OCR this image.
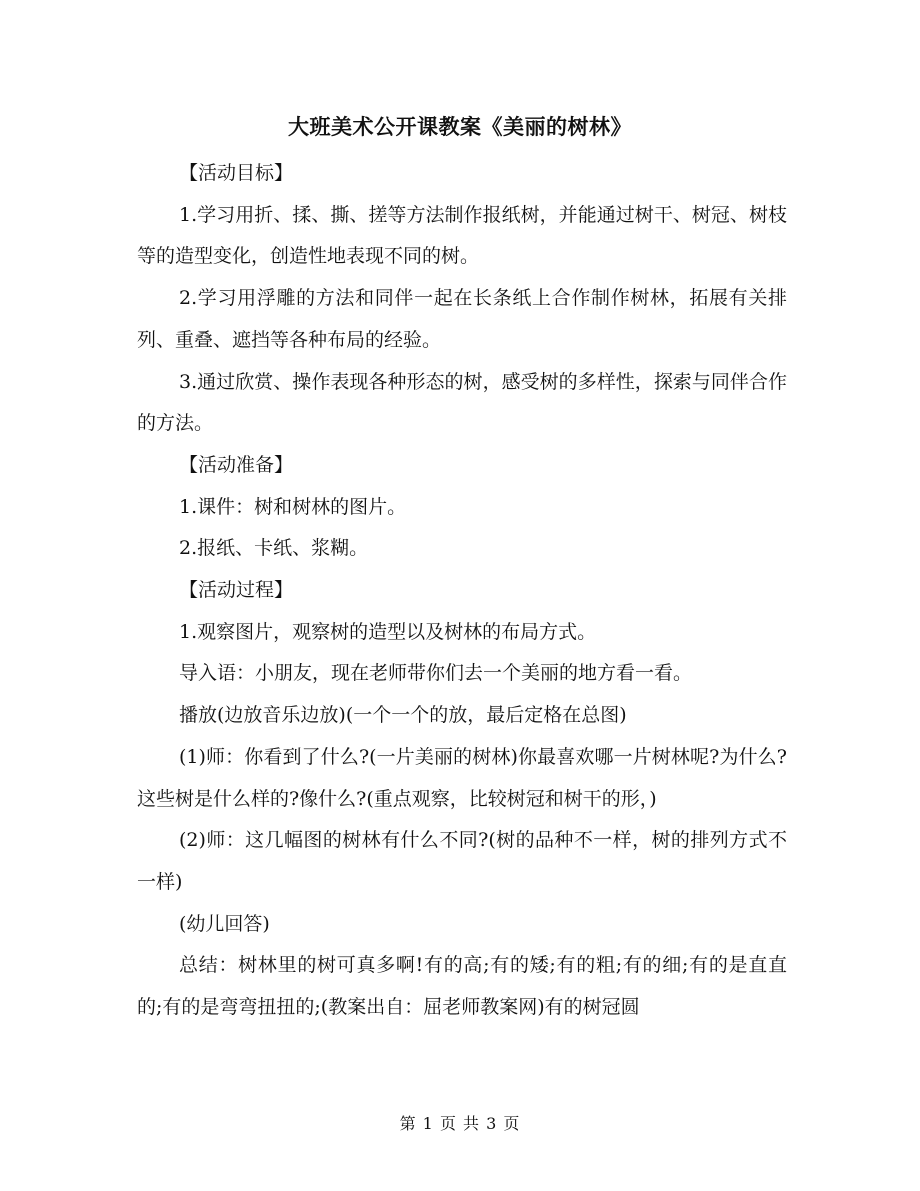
大班美术公开课教案《美丽的树林》

【活动目标】

1.学习用折、揉、撕、搓等方法制作报纸树，并能通过树干、树冠、树枝等的造型变化，创造性地表现不同的树。

2.学习用浮雕的方法和同伴一起在长条纸上合作制作树林，拓展有关排列、重叠、遮挡等各种布局的经验。

3.通过欣赏、操作表现各种形态的树，感受树的多样性，探索与同伴合作的方法。

【活动准备】

1.课件：树和树林的图片。

2.报纸、卡纸、浆糊。

【活动过程】

1.观察图片，观察树的造型以及树林的布局方式。

导入语：小朋友，现在老师带你们去一个美丽的地方看一看。

播放(边放音乐边放)(一个一个的放，最后定格在总图)

(1)师：你看到了什么?(一片美丽的树林)你最喜欢哪一片树林呢?为什么?这些树是什么样的?像什么?(重点观察，比较树冠和树干的形，)

(2)师：这几幅图的树林有什么不同?(树的品种不一样，树的排列方式不一样)

(幼儿回答)

总结：树林里的树可真多啊!有的高;有的矮;有的粗;有的细;有的是直直的;有的是弯弯扭扭的;(教案出自：屈老师教案网)有的树冠圆

第 1 页 共 3 页
